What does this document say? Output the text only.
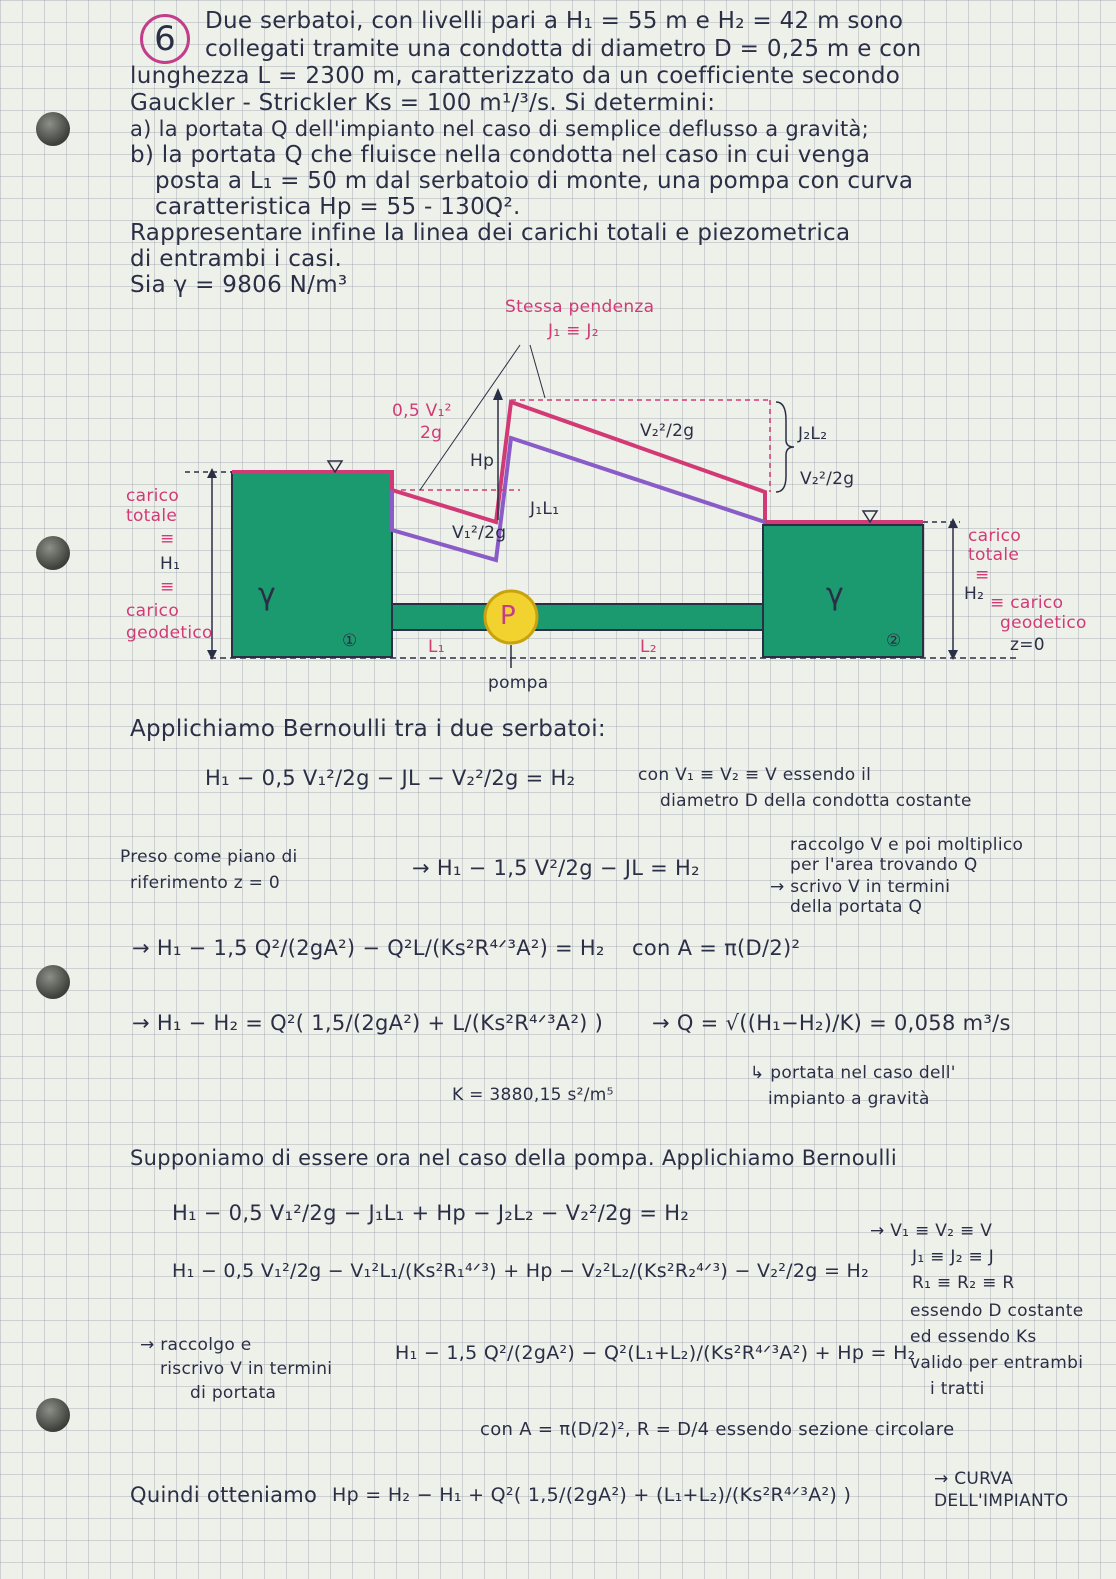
6	Due serbatoi, con livelli pari a H₁ = 55 m e H₂ = 42 m sono
collegati tramite una condotta di diametro D = 0,25 m e con
lunghezza L = 2300 m, caratterizzato da un coefficiente secondo
Gauckler - Strickler Ks = 100 m¹/³/s. Si determini:
a) la portata Q dell'impianto nel caso di semplice deflusso a gravità;
b) la portata Q che fluisce nella condotta nel caso in cui venga
posta a L₁ = 50 m dal serbatoio di monte, una pompa con curva
caratteristica Hp = 55 - 130Q².
Rappresentare infine la linea dei carichi totali e piezometrica
di entrambi i casi.
Sia γ = 9806 N/m³
Stessa pendenza
J₁ ≡ J₂
0,5 V₁²
2g
Hp
J₁L₁
V₁²/2g
V₂²/2g	J₂L₂
V₂²/2g
carico
totale
≡
H₁
≡
carico
geodetico
γ	γ
①	②
L₁	L₂
P
pompa
carico
totale
≡
H₂ ≡ carico
geodetico
z=0
Applichiamo Bernoulli tra i due serbatoi:
H₁ − 0,5 V₁²/2g − JL − V₂²/2g = H₂	con V₁ ≡ V₂ ≡ V essendo il
diametro D della condotta costante
Preso come piano di
riferimento z = 0
→ H₁ − 1,5 V²/2g − JL = H₂
raccolgo V e poi moltiplico
per l'area trovando Q
→ scrivo V in termini
della portata Q
→ H₁ − 1,5 Q²/(2gA²) − Q²L/(Ks²R⁴ᐟ³A²) = H₂ con A = π(D/2)²
→ H₁ − H₂ = Q²( 1,5/(2gA²) + L/(Ks²R⁴ᐟ³A²) ) → Q = √((H₁−H₂)/K) = 0,058 m³/s
K = 3880,15 s²/m⁵
↳ portata nel caso dell'
impianto a gravità
Supponiamo di essere ora nel caso della pompa. Applichiamo Bernoulli
H₁ − 0,5 V₁²/2g − J₁L₁ + Hp − J₂L₂ − V₂²/2g = H₂
H₁ − 0,5 V₁²/2g − V₁²L₁/(Ks²R₁⁴ᐟ³) + Hp − V₂²L₂/(Ks²R₂⁴ᐟ³) − V₂²/2g = H₂
→ V₁ ≡ V₂ ≡ V
J₁ ≡ J₂ ≡ J
R₁ ≡ R₂ ≡ R
essendo D costante
ed essendo Ks
valido per entrambi
i tratti
→ raccolgo e
riscrivo V in termini
di portata
H₁ − 1,5 Q²/(2gA²) − Q²(L₁+L₂)/(Ks²R⁴ᐟ³A²) + Hp = H₂
con A = π(D/2)², R = D/4 essendo sezione circolare
Quindi otteniamo Hp = H₂ − H₁ + Q²( 1,5/(2gA²) + (L₁+L₂)/(Ks²R⁴ᐟ³A²) )
→ CURVA
DELL'IMPIANTO
